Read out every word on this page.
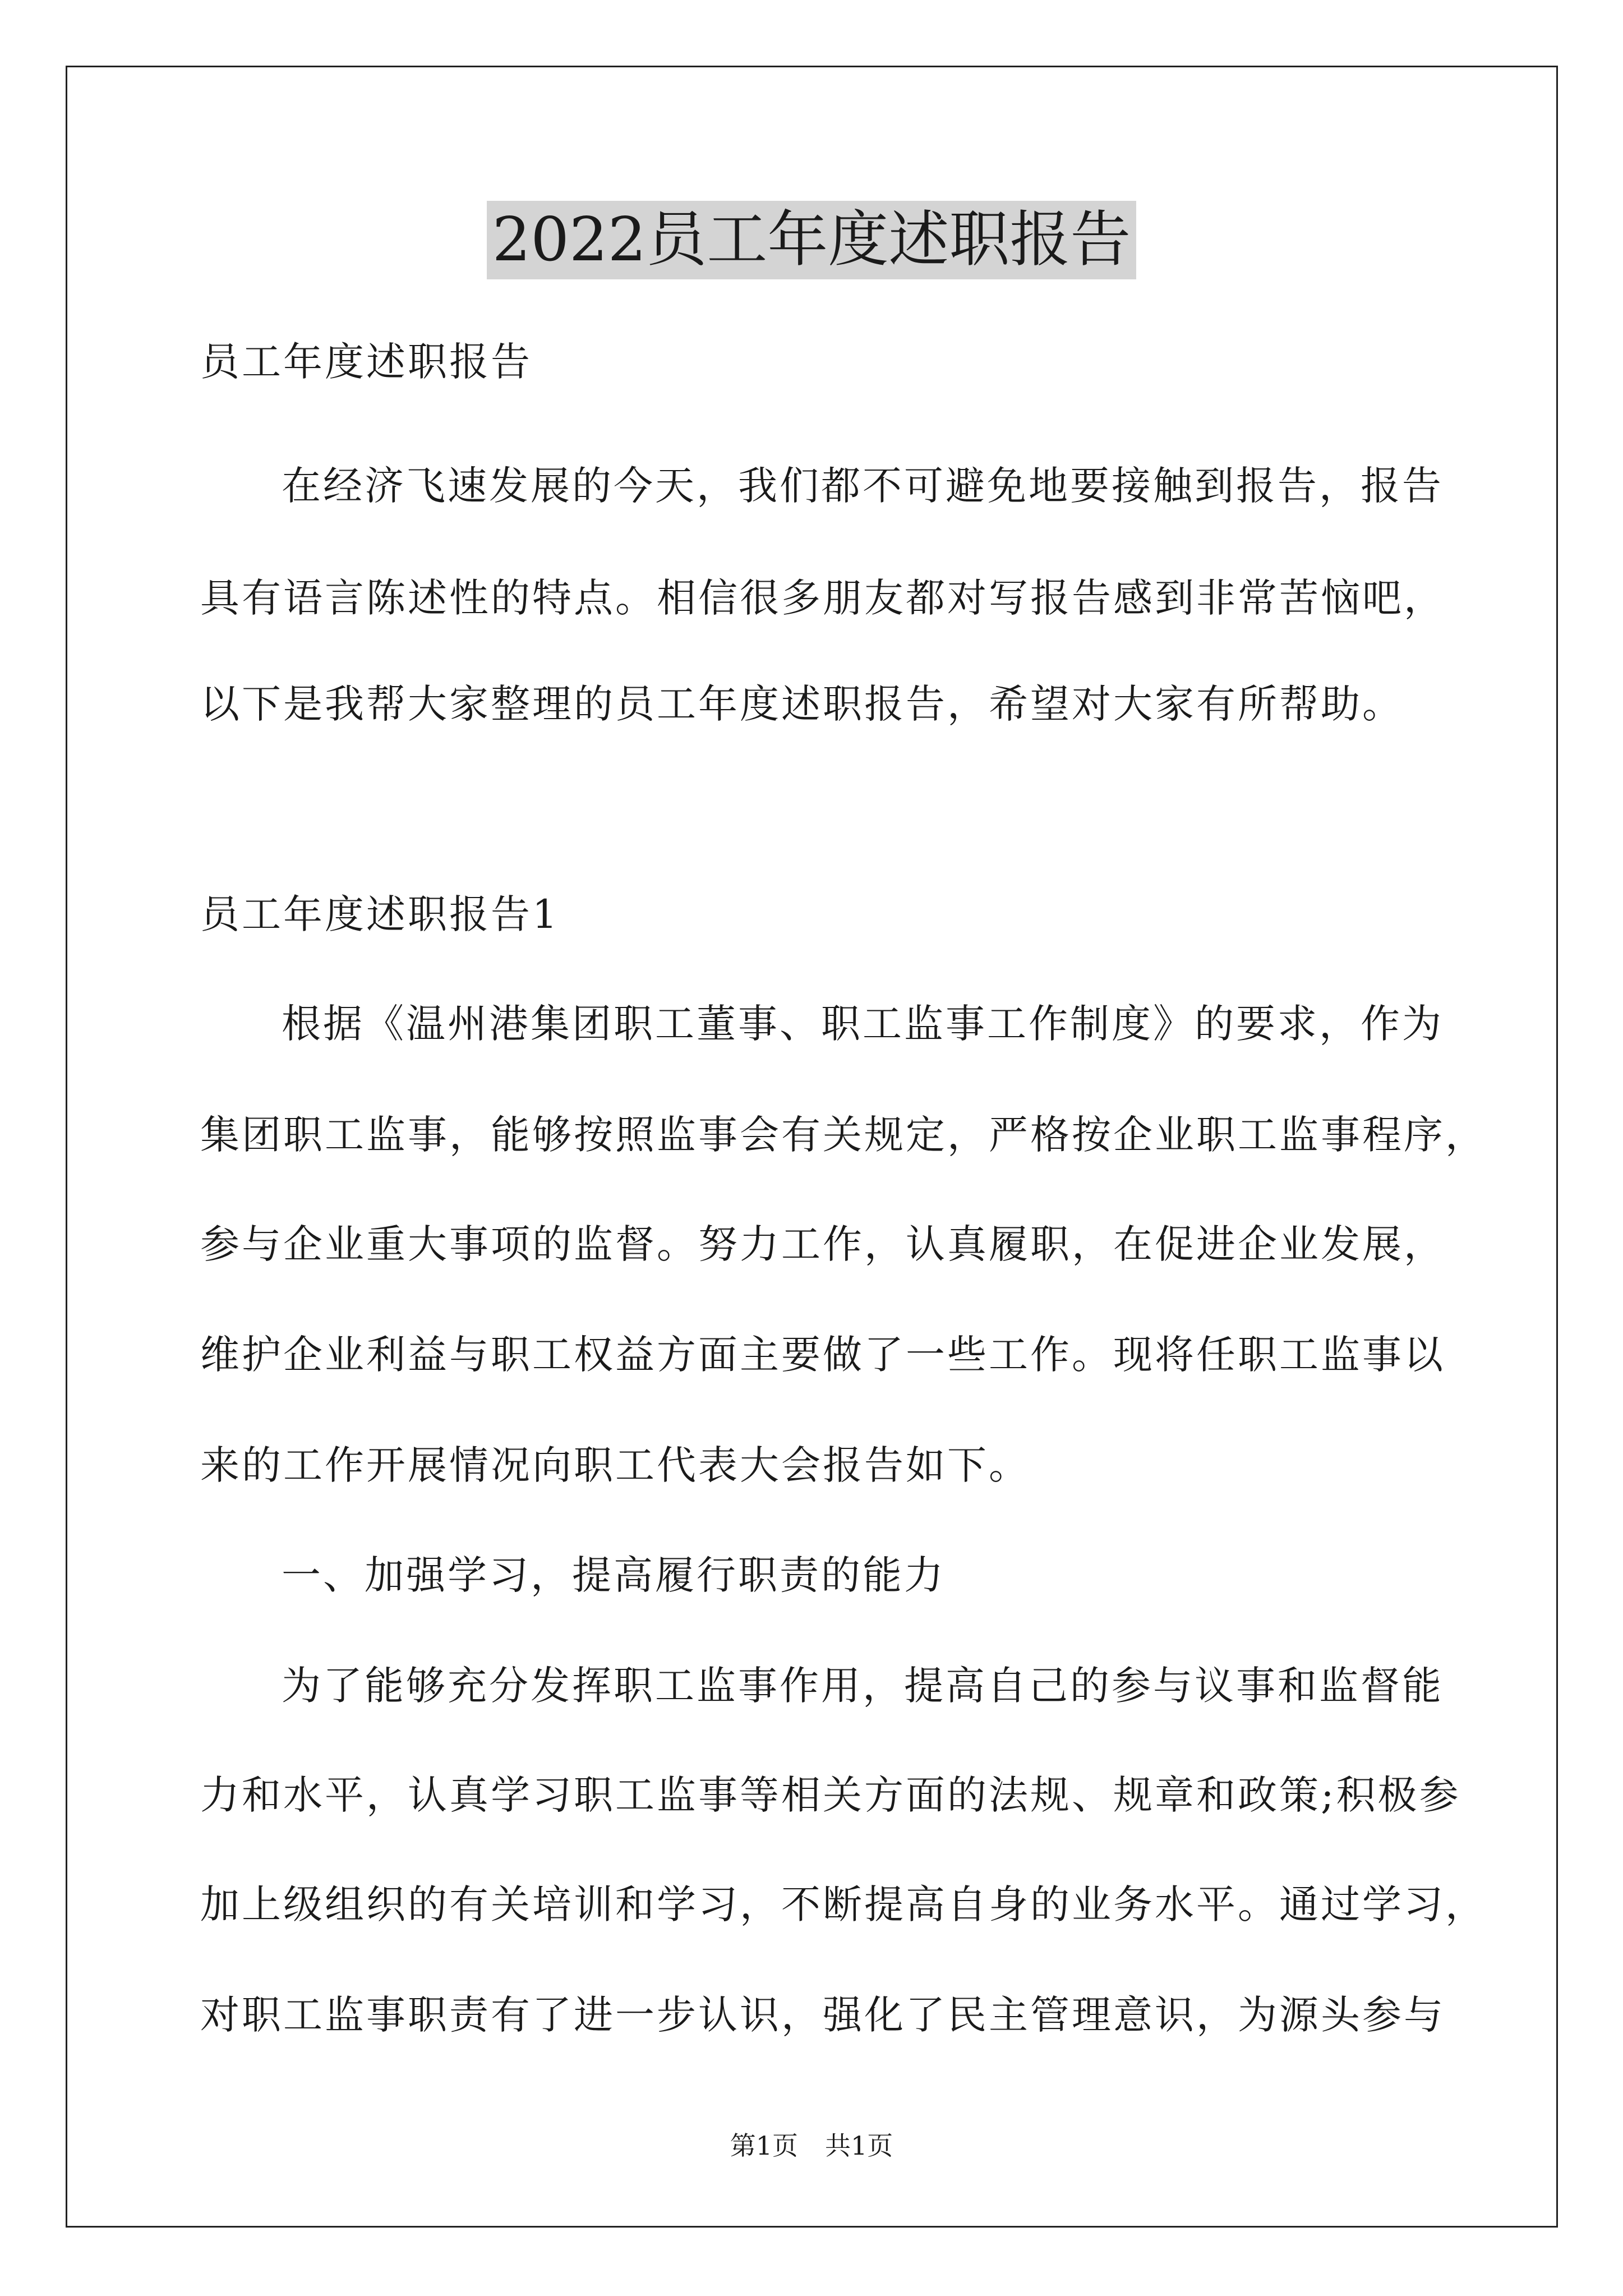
2022员工年度述职报告
员工年度述职报告
在经济飞速发展的今天，我们都不可避免地要接触到报告，报告
具有语言陈述性的特点。相信很多朋友都对写报告感到非常苦恼吧，
以下是我帮大家整理的员工年度述职报告，希望对大家有所帮助。
员工年度述职报告1
根据《温州港集团职工董事、职工监事工作制度》的要求，作为
集团职工监事，能够按照监事会有关规定，严格按企业职工监事程序，
参与企业重大事项的监督。努力工作，认真履职，在促进企业发展，
维护企业利益与职工权益方面主要做了一些工作。现将任职工监事以
来的工作开展情况向职工代表大会报告如下。
一、加强学习，提高履行职责的能力
为了能够充分发挥职工监事作用，提高自己的参与议事和监督能
力和水平，认真学习职工监事等相关方面的法规、规章和政策;积极参
加上级组织的有关培训和学习，不断提高自身的业务水平。通过学习，
对职工监事职责有了进一步认识，强化了民主管理意识，为源头参与
第1页 共1页
